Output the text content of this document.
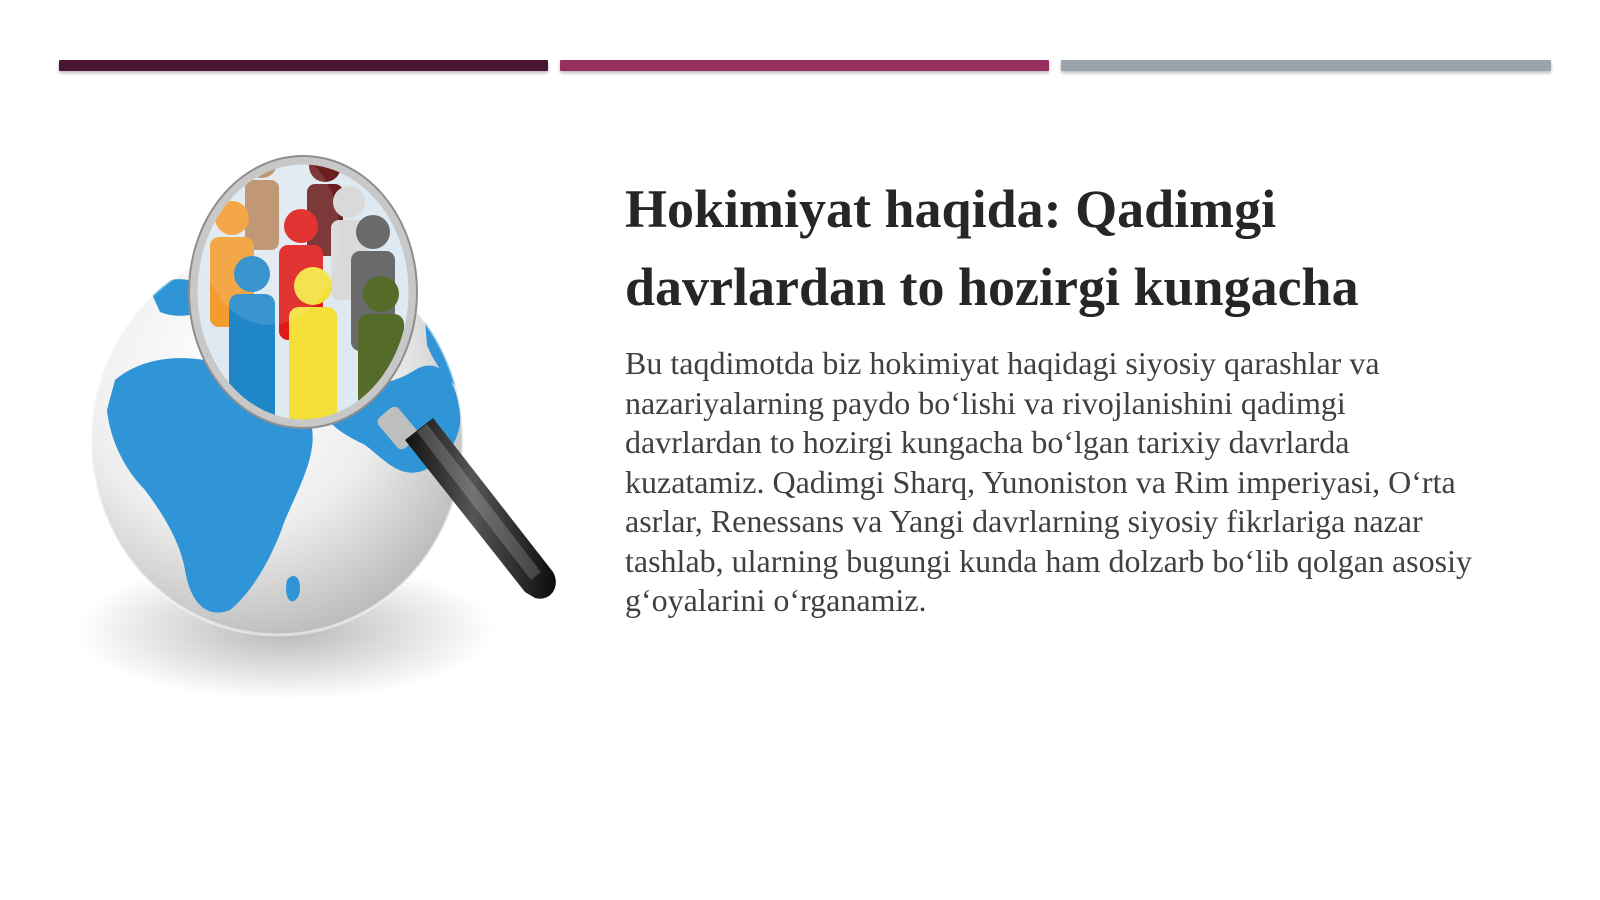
Hokimiyat haqida: Qadimgi davrlardan to hozirgi kungacha

Bu taqdimotda biz hokimiyat haqidagi siyosiy qarashlar va nazariyalarning paydo bo‘lishi va rivojlanishini qadimgi davrlardan to hozirgi kungacha bo‘lgan tarixiy davrlarda kuzatamiz. Qadimgi Sharq, Yunoniston va Rim imperiyasi, O‘rta asrlar, Renessans va Yangi davrlarning siyosiy fikrlariga nazar tashlab, ularning bugungi kunda ham dolzarb bo‘lib qolgan asosiy g‘oyalarini o‘rganamiz.
